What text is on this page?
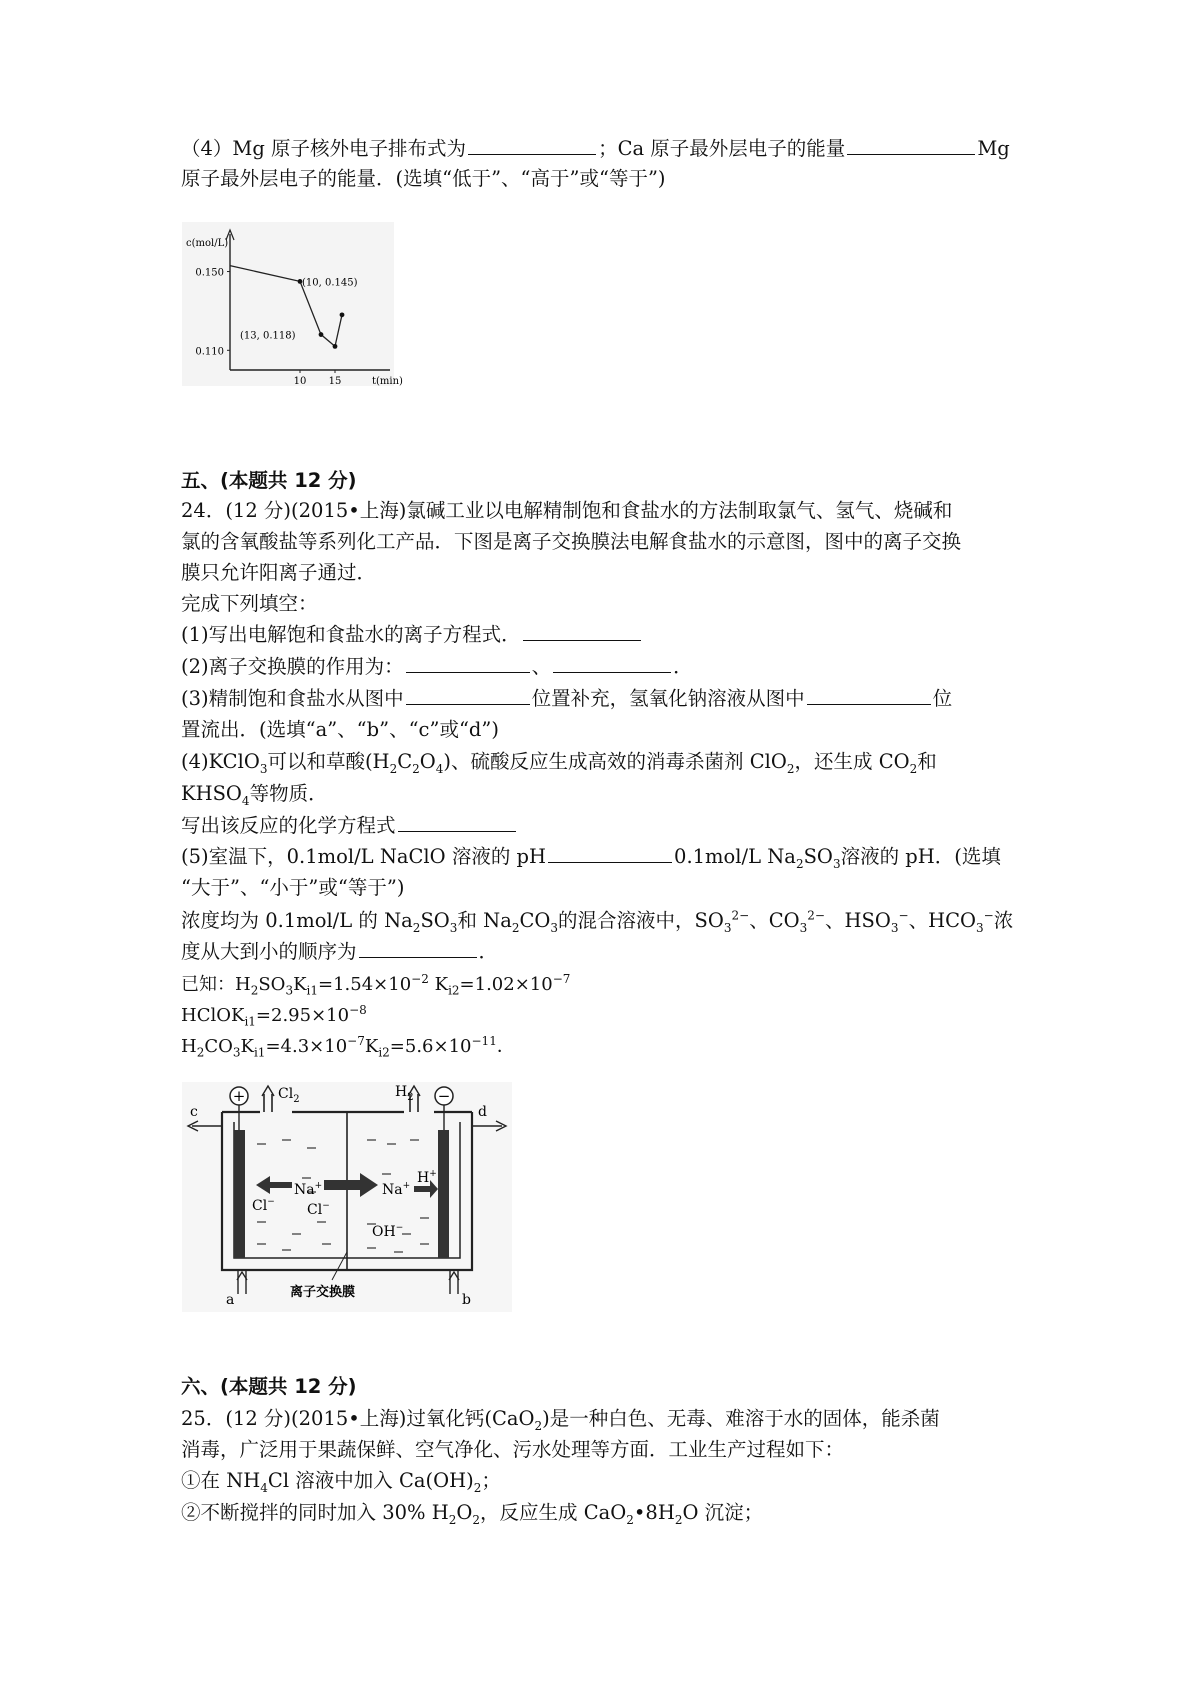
（4）Mg 原子核外电子排布式为	；Ca 原子最外层电子的能量	Mg
原子最外层电子的能量．(选填“低于”、“高于”或“等于”)
c(mol/L)
t(min)
0.150
0.110
10 15
(10, 0.145)
(13, 0.118)
五、(本题共 12 分)
24．(12 分)(2015•上海)氯碱工业以电解精制饱和食盐水的方法制取氯气、氢气、烧碱和
氯的含氧酸盐等系列化工产品．下图是离子交换膜法电解食盐水的示意图，图中的离子交换
膜只允许阳离子通过．
完成下列填空：
(1)写出电解饱和食盐水的离子方程式．
(2)离子交换膜的作用为：	、	．
(3)精制饱和食盐水从图中	位置补充，氢氧化钠溶液从图中	位
置流出．(选填“a”、“b”、“c”或“d”)
(4)KClO$_3$可以和草酸$(H_2C_2O_4)$、硫酸反应生成高效的消毒杀菌剂 ClO$_2$，还生成 $CO_2$和
$KHSO_4$等物质．
写出该反应的化学方程式
(5)室温下，0.1mol/L NaClO 溶液的 pH	0.1mol/L $Na_2SO_3$溶液的 pH．(选填
“大于”、“小于”或“等于”)
浓度均为 0.1mol/L 的 $Na_2SO_3$和 $Na_2CO_3$的混合溶液中，$SO_3^{2-}$、$CO_3^{2-}$、$HSO_3^-$、$HCO_3^-$浓
度从大到小的顺序为	．
已知：$H_2SO_3K_{i1}=1.54\times 10^{-2}$ $K_{i2}=1.02\times 10^{-7}$
$HClOK_{i1}=2.95\times 10^{-8}$
$H_2CO_3K_{i1}=4.3\times 10^{-7}K_{i2}=5.6\times 10^{-11}$．
+	−
$Cl_2$	$H_2$
c	d
a	b
Cl−
Na+	Na+ H+
Cl−
OH−
离子交换膜
六、(本题共 12 分)
25．(12 分)(2015•上海)过氧化钙(CaO$_2$)是一种白色、无毒、难溶于水的固体，能杀菌
消毒，广泛用于果蔬保鲜、空气净化、污水处理等方面．工业生产过程如下：
①在 $NH_4Cl$ 溶液中加入 $Ca(OH)_2$；
②不断搅拌的同时加入 30% $H_2O_2$，反应生成 $CaO_2•8H_2O$ 沉淀；
